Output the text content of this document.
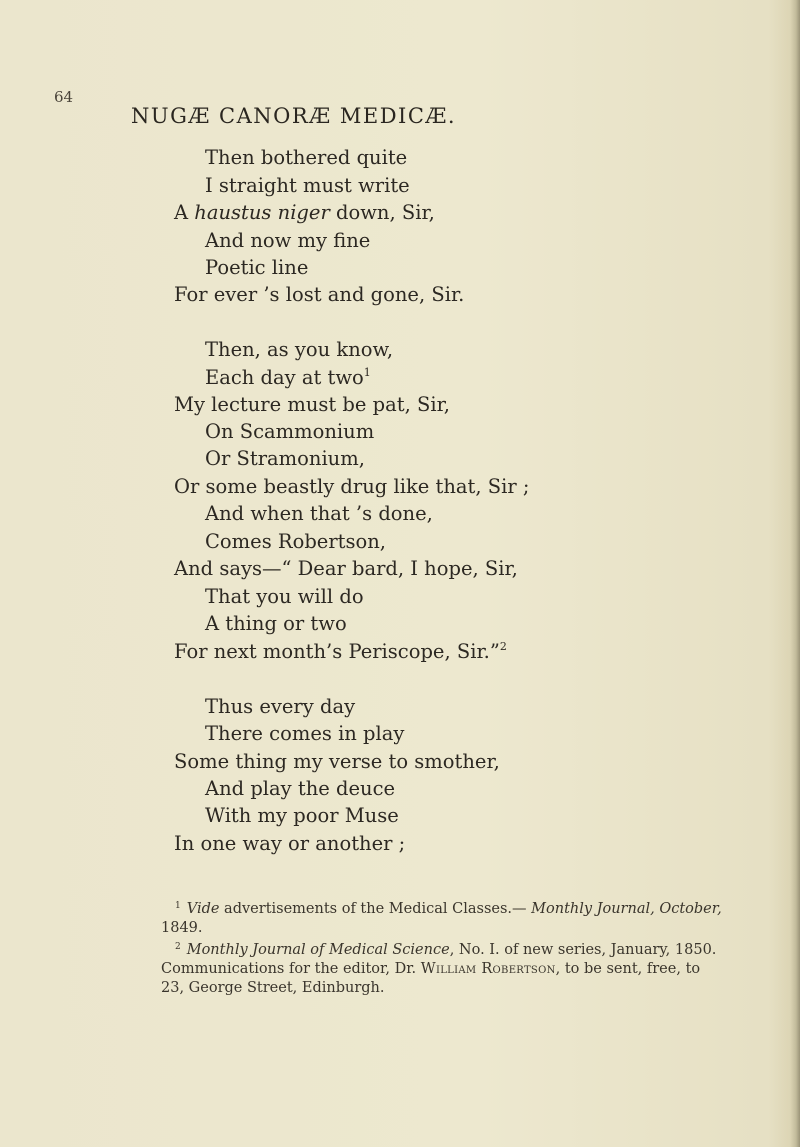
64
NUGÆ CANORÆ MEDICÆ.
Then bothered quite
I straight must write
A haustus niger down, Sir,
And now my fine
Poetic line
For ever ’s lost and gone, Sir.
Then, as you know,
Each day at two$^1$
My lecture must be pat, Sir,
On Scammonium
Or Stramonium,
Or some beastly drug like that, Sir ;
And when that ’s done,
Comes Robertson,
And says—“ Dear bard, I hope, Sir,
That you will do
A thing or two
For next month’s Periscope, Sir.”$^2$
Thus every day
There comes in play
Some thing my verse to smother,
And play the deuce
With my poor Muse
In one way or another ;
$^1$ Vide advertisements of the Medical Classes.— Monthly Journal, October,
1849.
$^2$ Monthly Journal of Medical Science, No. I. of new series, January, 1850.
Communications for the editor, Dr. William Robertson, to be sent, free, to
23, George Street, Edinburgh.
